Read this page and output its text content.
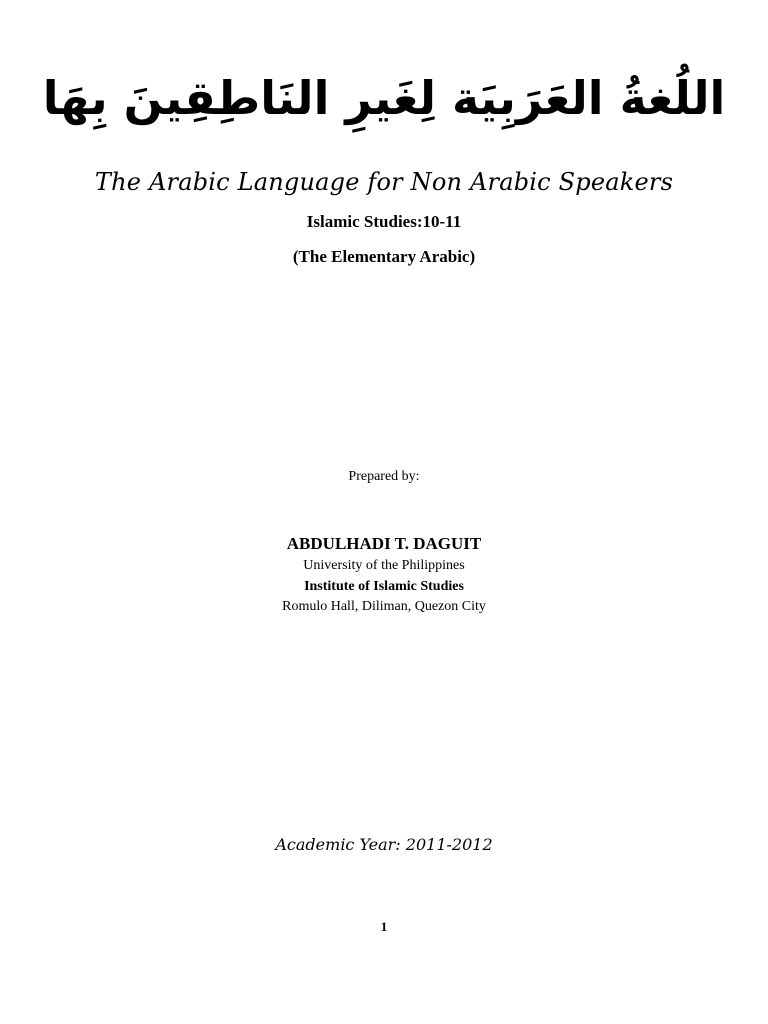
اللُغةُ العَرَبِيَة لِغَيرِ النَاطِقِينَ بِهَا
The Arabic Language for Non Arabic Speakers
Islamic Studies:10-11
(The Elementary Arabic)
Prepared by:
ABDULHADI T. DAGUIT
University of the Philippines
Institute of Islamic Studies
Romulo Hall, Diliman, Quezon City
Academic Year: 2011-2012
1
